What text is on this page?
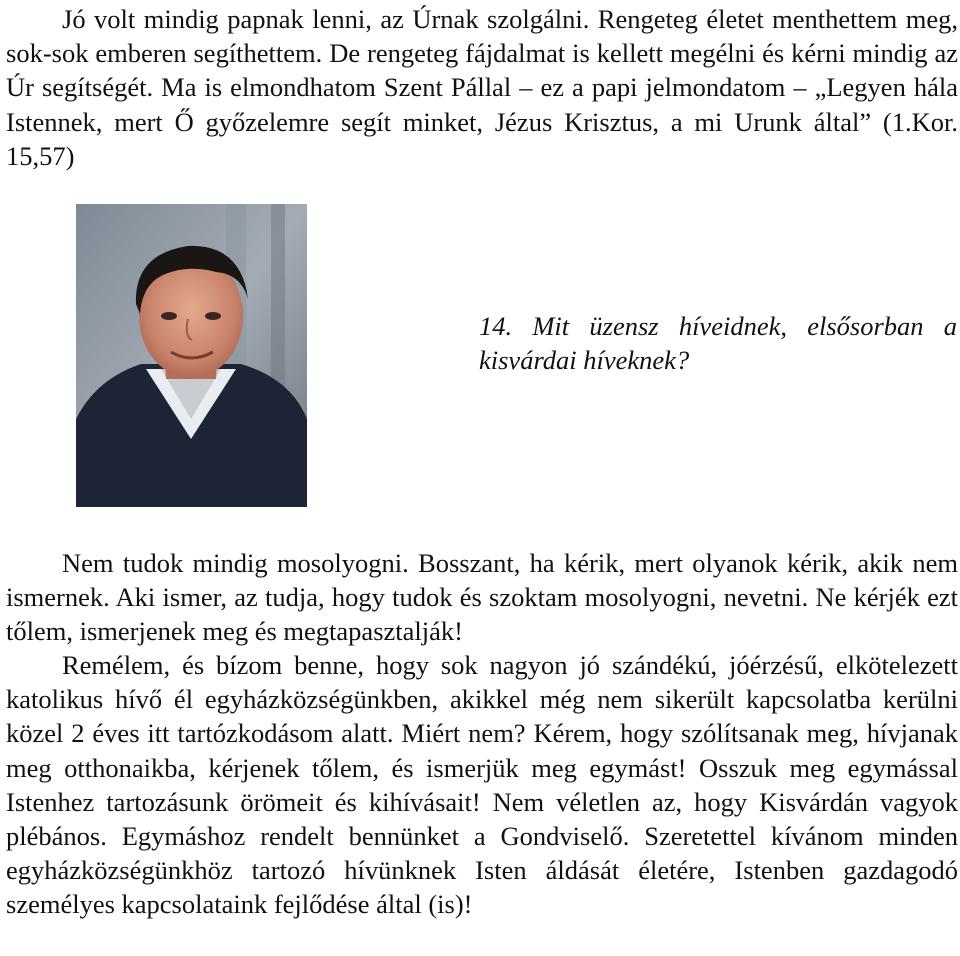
Jó volt mindig papnak lenni, az Úrnak szolgálni. Rengeteg életet menthettem meg, sok-sok emberen segíthettem. De rengeteg fájdalmat is kellett megélni és kérni mindig az Úr segítségét. Ma is elmondhatom Szent Pállal – ez a papi jelmondatom – „Legyen hála Istennek, mert Ő győzelemre segít minket, Jézus Krisztus, a mi Urunk által” (1.Kor. 15,57)

14. Mit üzensz híveidnek, elsősorban a kisvárdai híveknek?

Nem tudok mindig mosolyogni. Bosszant, ha kérik, mert olyanok kérik, akik nem ismernek. Aki ismer, az tudja, hogy tudok és szoktam mosolyogni, nevetni. Ne kérjék ezt tőlem, ismerjenek meg és megtapasztalják!

Remélem, és bízom benne, hogy sok nagyon jó szándékú, jóérzésű, elkötelezett katolikus hívő él egyházközségünkben, akikkel még nem sikerült kapcsolatba kerülni közel 2 éves itt tartózkodásom alatt. Miért nem? Kérem, hogy szólítsanak meg, hívjanak meg otthonaikba, kérjenek tőlem, és ismerjük meg egymást! Osszuk meg egymással Istenhez tartozásunk örömeit és kihívásait! Nem véletlen az, hogy Kisvárdán vagyok plébános. Egymáshoz rendelt bennünket a Gondviselő. Szeretettel kívánom minden egyházközségünkhöz tartozó hívünknek Isten áldását életére, Istenben gazdagodó személyes kapcsolataink fejlődése által (is)!
